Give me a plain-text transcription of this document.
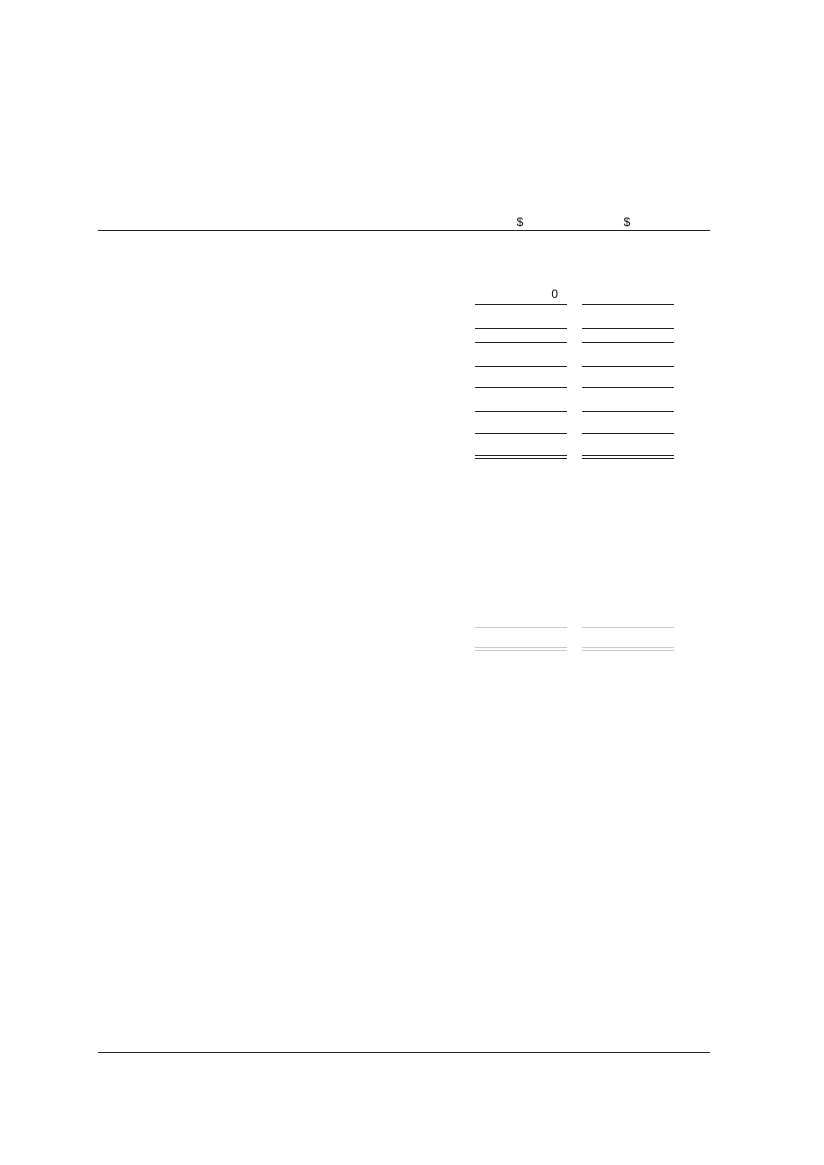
$	$
0
